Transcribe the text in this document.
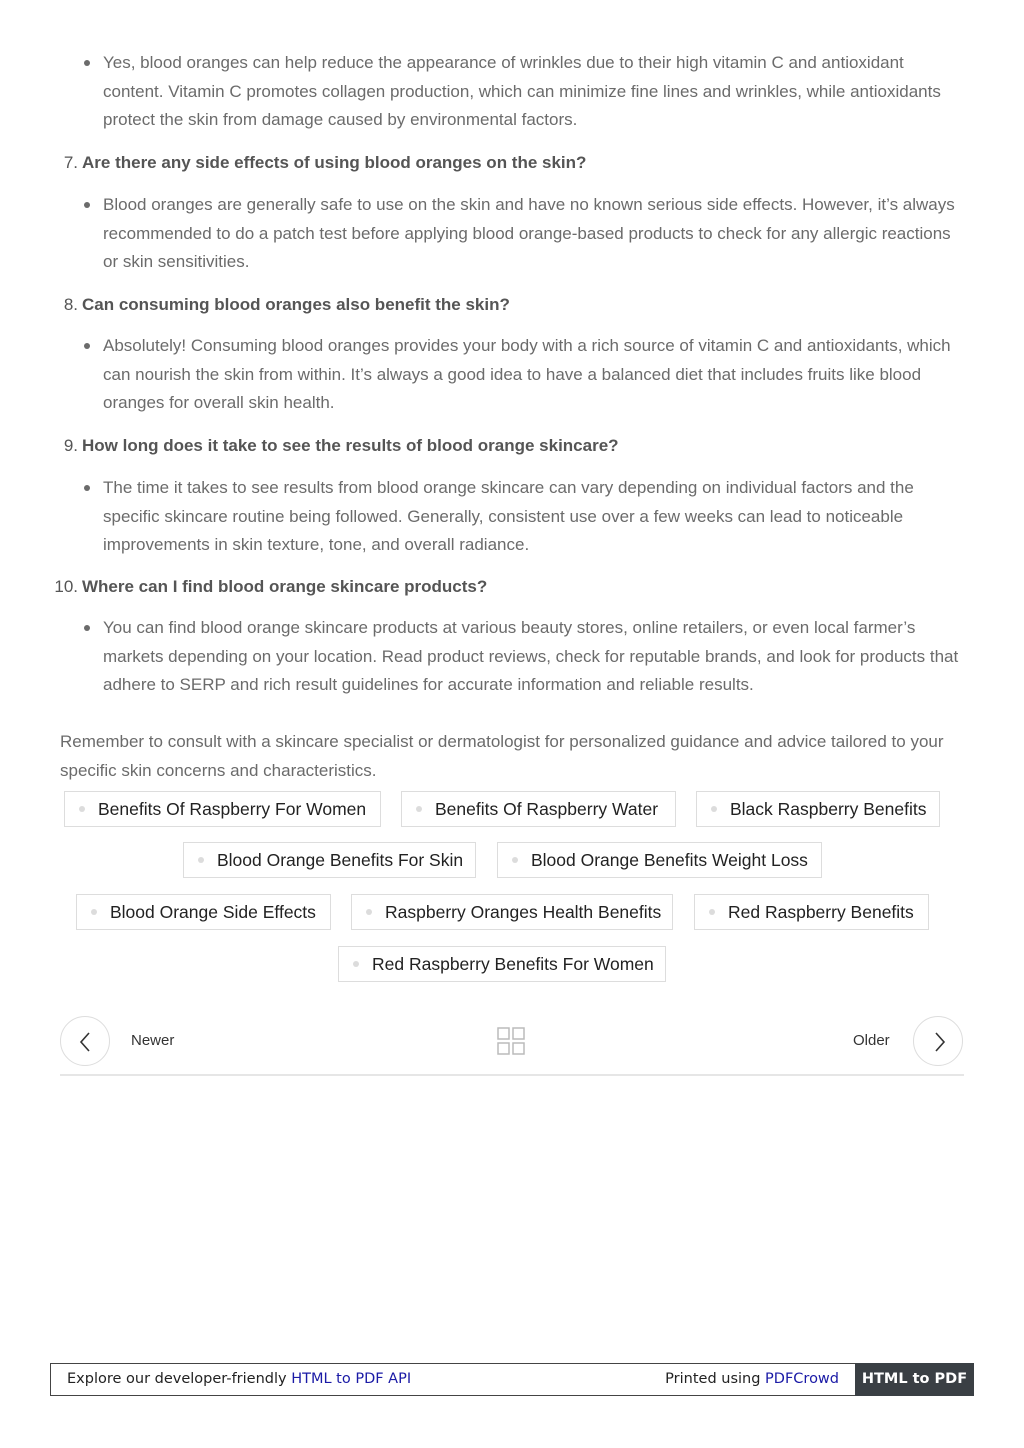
Yes, blood oranges can help reduce the appearance of wrinkles due to their high vitamin C and antioxidant content. Vitamin C promotes collagen production, which can minimize fine lines and wrinkles, while antioxidants protect the skin from damage caused by environmental factors.
7. Are there any side effects of using blood oranges on the skin?
Blood oranges are generally safe to use on the skin and have no known serious side effects. However, it’s always recommended to do a patch test before applying blood orange-based products to check for any allergic reactions or skin sensitivities.
8. Can consuming blood oranges also benefit the skin?
Absolutely! Consuming blood oranges provides your body with a rich source of vitamin C and antioxidants, which can nourish the skin from within. It’s always a good idea to have a balanced diet that includes fruits like blood oranges for overall skin health.
9. How long does it take to see the results of blood orange skincare?
The time it takes to see results from blood orange skincare can vary depending on individual factors and the specific skincare routine being followed. Generally, consistent use over a few weeks can lead to noticeable improvements in skin texture, tone, and overall radiance.
10. Where can I find blood orange skincare products?
You can find blood orange skincare products at various beauty stores, online retailers, or even local farmer’s markets depending on your location. Read product reviews, check for reputable brands, and look for products that adhere to SERP and rich result guidelines for accurate information and reliable results.
Remember to consult with a skincare specialist or dermatologist for personalized guidance and advice tailored to your specific skin concerns and characteristics.
Benefits Of Raspberry For Women	Benefits Of Raspberry Water	Black Raspberry Benefits
Blood Orange Benefits For Skin	Blood Orange Benefits Weight Loss
Blood Orange Side Effects	Raspberry Oranges Health Benefits	Red Raspberry Benefits
Red Raspberry Benefits For Women
Newer	Older
Explore our developer-friendly HTML to PDF API	Printed using PDFCrowd	HTML to PDF
